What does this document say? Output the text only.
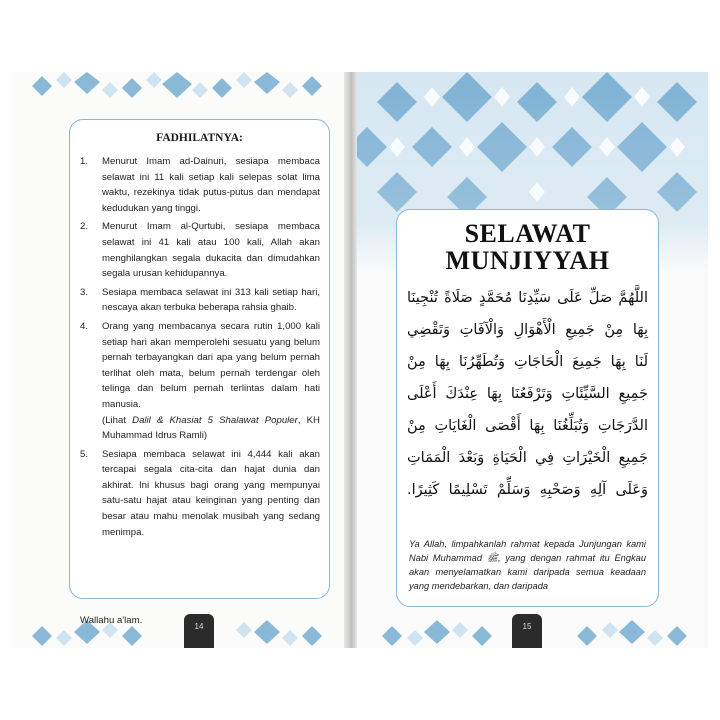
FADHILATNYA:
1. Menurut Imam ad-Dainuri, sesiapa membaca selawat ini 11 kali setiap kali selepas solat lima waktu, rezekinya tidak putus-putus dan mendapat kedudukan yang tinggi.
2. Menurut Imam al-Qurtubi, sesiapa membaca selawat ini 41 kali atau 100 kali, Allah akan menghilangkan segala dukacita dan dimudahkan segala urusan kehidupannya.
3. Sesiapa membaca selawat ini 313 kali setiap hari, nescaya akan terbuka beberapa rahsia ghaib.
4. Orang yang membacanya secara rutin 1,000 kali setiap hari akan memperolehi sesuatu yang belum pernah terbayangkan dari apa yang belum pernah terlihat oleh mata, belum pernah terdengar oleh telinga dan belum pernah terlintas dalam hati manusia.
(Lihat Dalil & Khasiat 5 Shalawat Populer, KH Muhammad Idrus Ramli)
5. Sesiapa membaca selawat ini 4,444 kali akan tercapai segala cita-cita dan hajat dunia dan akhirat. Ini khusus bagi orang yang mempunyai satu-satu hajat atau keinginan yang penting dan besar atau mahu menolak musibah yang sedang menimpa.
Wallahu a'lam.
14
SELAWAT
MUNJIYYAH
اللَّهُمَّ صَلِّ عَلَى سَيِّدِنَا مُحَمَّدٍ صَلَاةً تُنْجِينَا
بِهَا مِنْ جَمِيعِ الْأَهْوَالِ وَالْآفَاتِ وَتَقْضِي
لَنَا بِهَا جَمِيعَ الْحَاجَاتِ وَتُطَهِّرُنَا بِهَا مِنْ
جَمِيعِ السَّيِّئَاتِ وَتَرْفَعُنَا بِهَا عِنْدَكَ أَعْلَى
الدَّرَجَاتِ وَتُبَلِّغُنَا بِهَا أَقْصَى الْغَايَاتِ مِنْ
جَمِيعِ الْخَيْرَاتِ فِي الْحَيَاةِ وَبَعْدَ الْمَمَاتِ
وَعَلَى آلِهِ وَصَحْبِهِ وَسَلِّمْ تَسْلِيمًا كَثِيرًا.
Ya Allah, limpahkanlah rahmat kepada Junjungan kami Nabi Muhammad ﷺ, yang dengan rahmat itu Engkau akan menyelamatkan kami daripada semua keadaan yang mendebarkan, dan daripada
15
